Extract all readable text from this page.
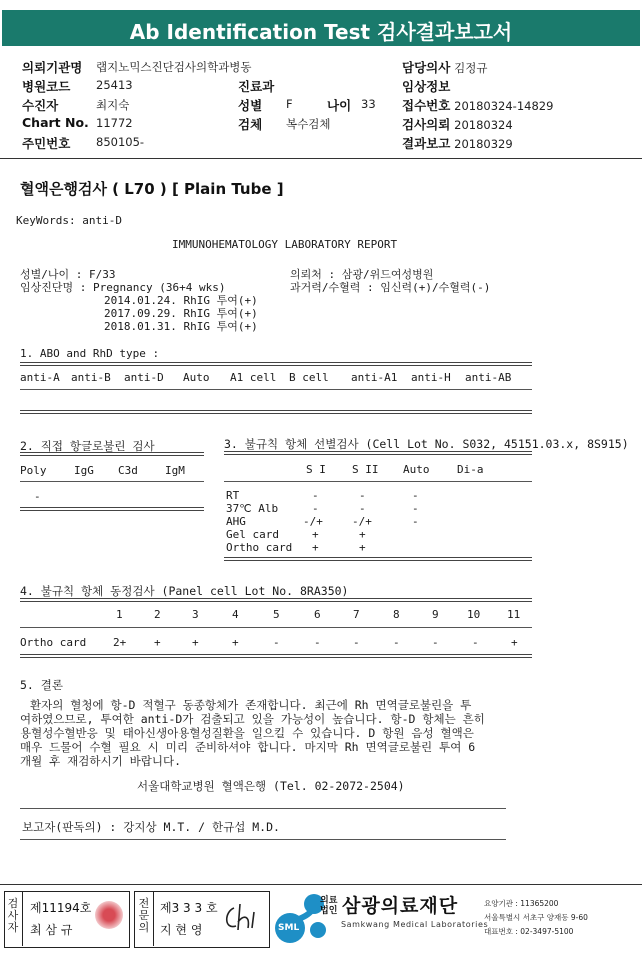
Ab Identification Test 검사결과보고서
의뢰기관명 랩지노믹스진단검사의학과병동	담당의사 김정규
병원코드 25413	진료과	임상정보
수진자	최지숙	성별 F	나이 33 접수번호 20180324-14829
Chart No. 11772	검체 복수검체	검사의뢰 20180324
주민번호 850105-	결과보고 20180329
혈액은행검사 ( L70 ) [ Plain Tube ]
KeyWords: anti-D
IMMUNOHEMATOLOGY LABORATORY REPORT
성별/나이 : F/33
임상진단명 : Pregnancy (36+4 wks)
2014.01.24. RhIG 투여(+)
2017.09.29. RhIG 투여(+)
2018.01.31. RhIG 투여(+)
의뢰처 : 삼광/위드여성병원
과거력/수혈력 : 임신력(+)/수혈력(-)
1. ABO and RhD type :
anti-A anti-B anti-D Auto A1 cell B cell anti-A1 anti-H anti-AB
2. 직접 항글로불린 검사
Poly	IgG C3d IgM
-
3. 불규칙 항체 선별검사 (Cell Lot No. S032, 45151.03.x, 8S915)
S I S II Auto	Di-a
RT	-	-	-
37℃ Alb	-	-	-
AHG	-/+	-/+	-
Gel card	+	+
Ortho card +	+
4. 불규칙 항체 동정검사 (Panel cell Lot No. 8RA350)
1	2	3	4	5	6	7	8	9	10 11
Ortho card 2+	+	+	+	-	-	-	-	-	-	+
5. 결론
환자의 혈청에 항-D 적혈구 동종항체가 존재합니다. 최근에 Rh 면역글로불린을 투
여하였으므로, 투여한 anti-D가 검출되고 있을 가능성이 높습니다. 항-D 항체는 흔히
용혈성수혈반응 및 태아신생아용혈성질환을 일으킬 수 있습니다. D 항원 음성 혈액은
매우 드물어 수혈 필요 시 미리 준비하셔야 합니다. 마지막 Rh 면역글로불린 투여 6
개월 후 재검하시기 바랍니다.
서울대학교병원 혈액은행 (Tel. 02-2072-2504)
보고자(판독의) : 강지상 M.T. / 한규섭 M.D.
검
사
자
제11194호
최 삼 규
전
문
의
제3 3 3 호
지 현 영	SML
의료
법인 삼광의료재단
Samkwang Medical Laboratories
요양기관 : 11365200
서울특별시 서초구 양재동 9-60
대표번호 : 02-3497-5100
